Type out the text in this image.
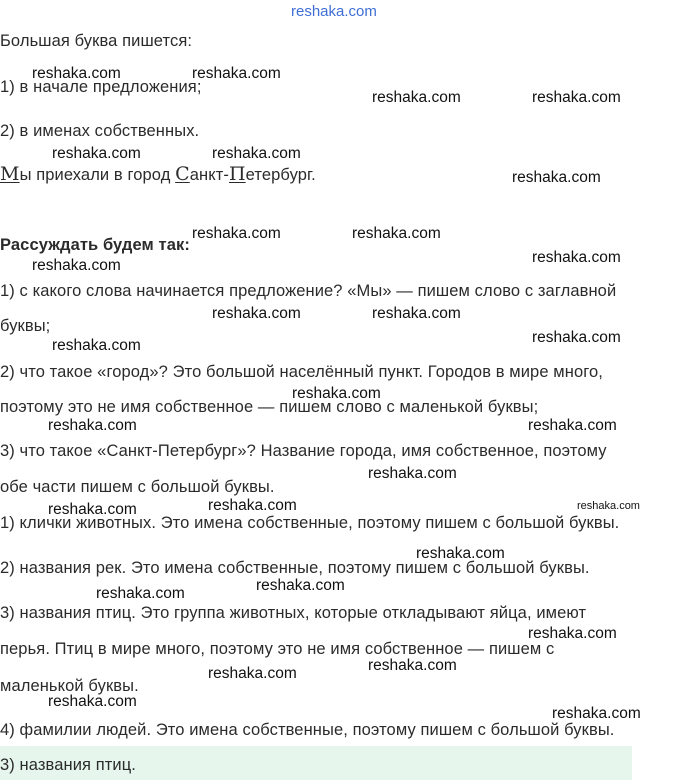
reshaka.com
Большая буква пишется:
1) в начале предложения;
2) в именах собственных.
Мы приехали в город Санкт-Петербург.
Рассуждать будем так:
1) с какого слова начинается предложение? «Мы» — пишем слово с заглавной
буквы;
2) что такое «город»? Это большой населённый пункт. Городов в мире много,
поэтому это не имя собственное — пишем слово с маленькой буквы;
3) что такое «Санкт-Петербург»? Название города, имя собственное, поэтому
обе части пишем с большой буквы.
1) клички животных. Это имена собственные, поэтому пишем с большой буквы.
2) названия рек. Это имена собственные, поэтому пишем с большой буквы.
3) названия птиц. Это группа животных, которые откладывают яйца, имеют
перья. Птиц в мире много, поэтому это не имя собственное — пишем с
маленькой буквы.
4) фамилии людей. Это имена собственные, поэтому пишем с большой буквы.
3) названия птиц.
reshaka.com	reshaka.com
reshaka.com	reshaka.com
reshaka.com	reshaka.com
reshaka.com
reshaka.com	reshaka.com
reshaka.com	reshaka.com
reshaka.com	reshaka.com
reshaka.com
reshaka.com
reshaka.com
reshaka.com	reshaka.com
reshaka.com
reshaka.com
reshaka.com	reshaka.com
reshaka.com
reshaka.com
reshaka.com
reshaka.com
reshaka.com
reshaka.com
reshaka.com
reshaka.com
